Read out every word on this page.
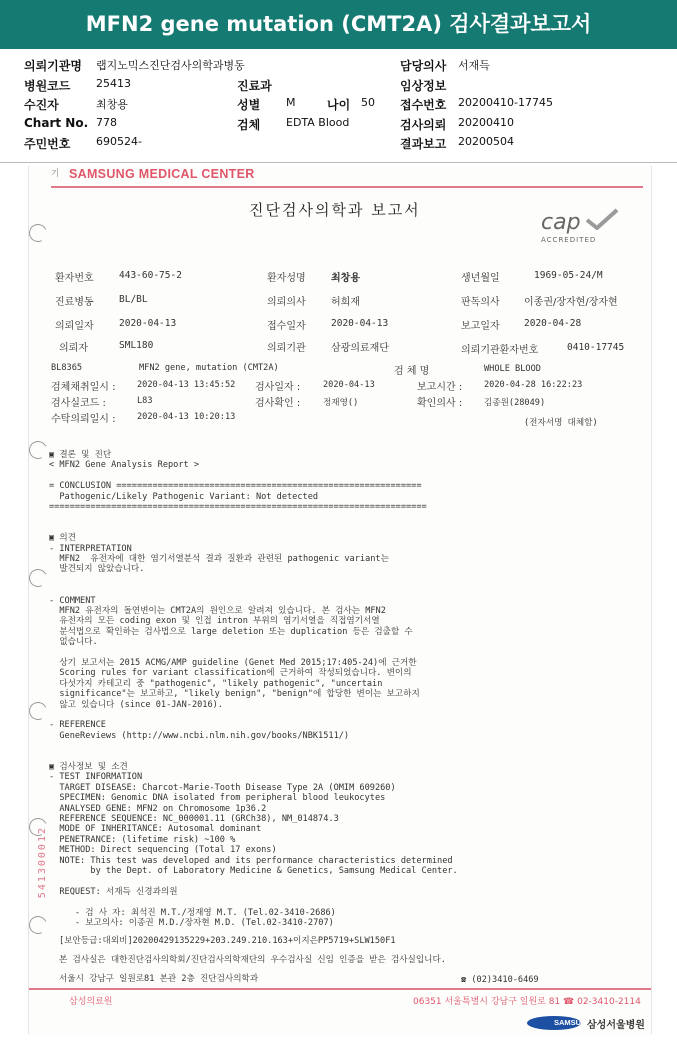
MFN2 gene mutation (CMT2A) 검사결과보고서
의뢰기관명 랩지노믹스진단검사의학과병동	담당의사 서재득
병원코드 25413	진료과	임상정보
수진자	최창용	성별 M	나이 50 접수번호 20200410-17745
Chart No. 778	검체 EDTA Blood	검사의뢰 20200410
주민번호 690524-	결과보고 20200504
기 SAMSUNG MEDICAL CENTER
진단검사의학과 보고서	cap
ACCREDITED
환자번호	443-60-75-2	환자성명	최창용	생년월일	1969-05-24/M
진료병동	BL/BL	의뢰의사	허희재	판독의사 이종권/장자현/장자현
의뢰일자	2020-04-13	접수일자	2020-04-13	보고일자	2020-04-28
의뢰자	SML180	의뢰기관	삼광의료재단	의뢰기관환자번호	0410-17745
BL8365	MFN2 gene, mutation (CMT2A)	검 체 명	WHOLE BLOOD
검체채취일시 : 2020-04-13 13:45:52 검사일자 :	2020-04-13	보고시간 :	2020-04-28 16:22:23
검사실코드 :	L83	검사확인 :	정재영()	확인의사 :	김종원(28049)
수탁의뢰일시 : 2020-04-13 10:20:13
(전자서명 대체함)
▣ 결론 및 진단
< MFN2 Gene Analysis Report >
= CONCLUSION ===========================================================
Pathogenic/Likely Pathogenic Variant: Not detected
=========================================================================
▣ 의견
- INTERPRETATION
MFN2  유전자에 대한 염기서열분석 결과 질환과 관련된 pathogenic variant는
발견되지 않았습니다.
- COMMENT
MFN2 유전자의 돌연변이는 CMT2A의 원인으로 알려져 있습니다. 본 검사는 MFN2
유전자의 모든 coding exon 및 인접 intron 부위의 염기서열을 직접염기서열
분석법으로 확인하는 검사법으로 large deletion 또는 duplication 등은 검출할 수
없습니다.
상기 보고서는 2015 ACMG/AMP guideline (Genet Med 2015;17:405-24)에 근거한
Scoring rules for variant classification에 근거하여 작성되었습니다. 변이의
다섯가지 카테고리 중 "pathogenic", "likely pathogenic", "uncertain
significance"는 보고하고, "likely benign", "benign"에 합당한 변이는 보고하지
않고 있습니다 (since 01-JAN-2016).
- REFERENCE
GeneReviews (http://www.ncbi.nlm.nih.gov/books/NBK1511/)
▣ 검사정보 및 소견
- TEST INFORMATION
TARGET DISEASE: Charcot-Marie-Tooth Disease Type 2A (OMIM 609260)
SPECIMEN: Genomic DNA isolated from peripheral blood leukocytes
ANALYSED GENE: MFN2 on Chromosome 1p36.2
REFERENCE SEQUENCE: NC_000001.11 (GRCh38), NM_014874.3
MODE OF INHERITANCE: Autosomal dominant
PENETRANCE: (lifetime risk) ~100 %
METHOD: Direct sequencing (Total 17 exons)
NOTE: This test was developed and its performance characteristics determined
by the Dept. of Laboratory Medicine & Genetics, Samsung Medical Center.
REQUEST: 서재득 신경과의원
- 검 사 자: 최석진 M.T./정재영 M.T. (Tel.02-3410-2686)
- 보고의사: 이종권 M.D./장자현 M.D. (Tel.02-3410-2707)
541300012
[보안등급:대외비]20200429135229+203.249.210.163+이지은PP5719+SLW150F1
본 검사실은 대한진단검사의학회/진단검사의학재단의 우수검사실 신임 인증을 받은 검사실입니다.
서울시 강남구 일원로81 본관 2층 진단검사의학과	☎ (02)3410-6469
삼성의료원	06351 서울특별시 강남구 일원로 81 ☎ 02-3410-2114
SAMSUNG
삼성서울병원
